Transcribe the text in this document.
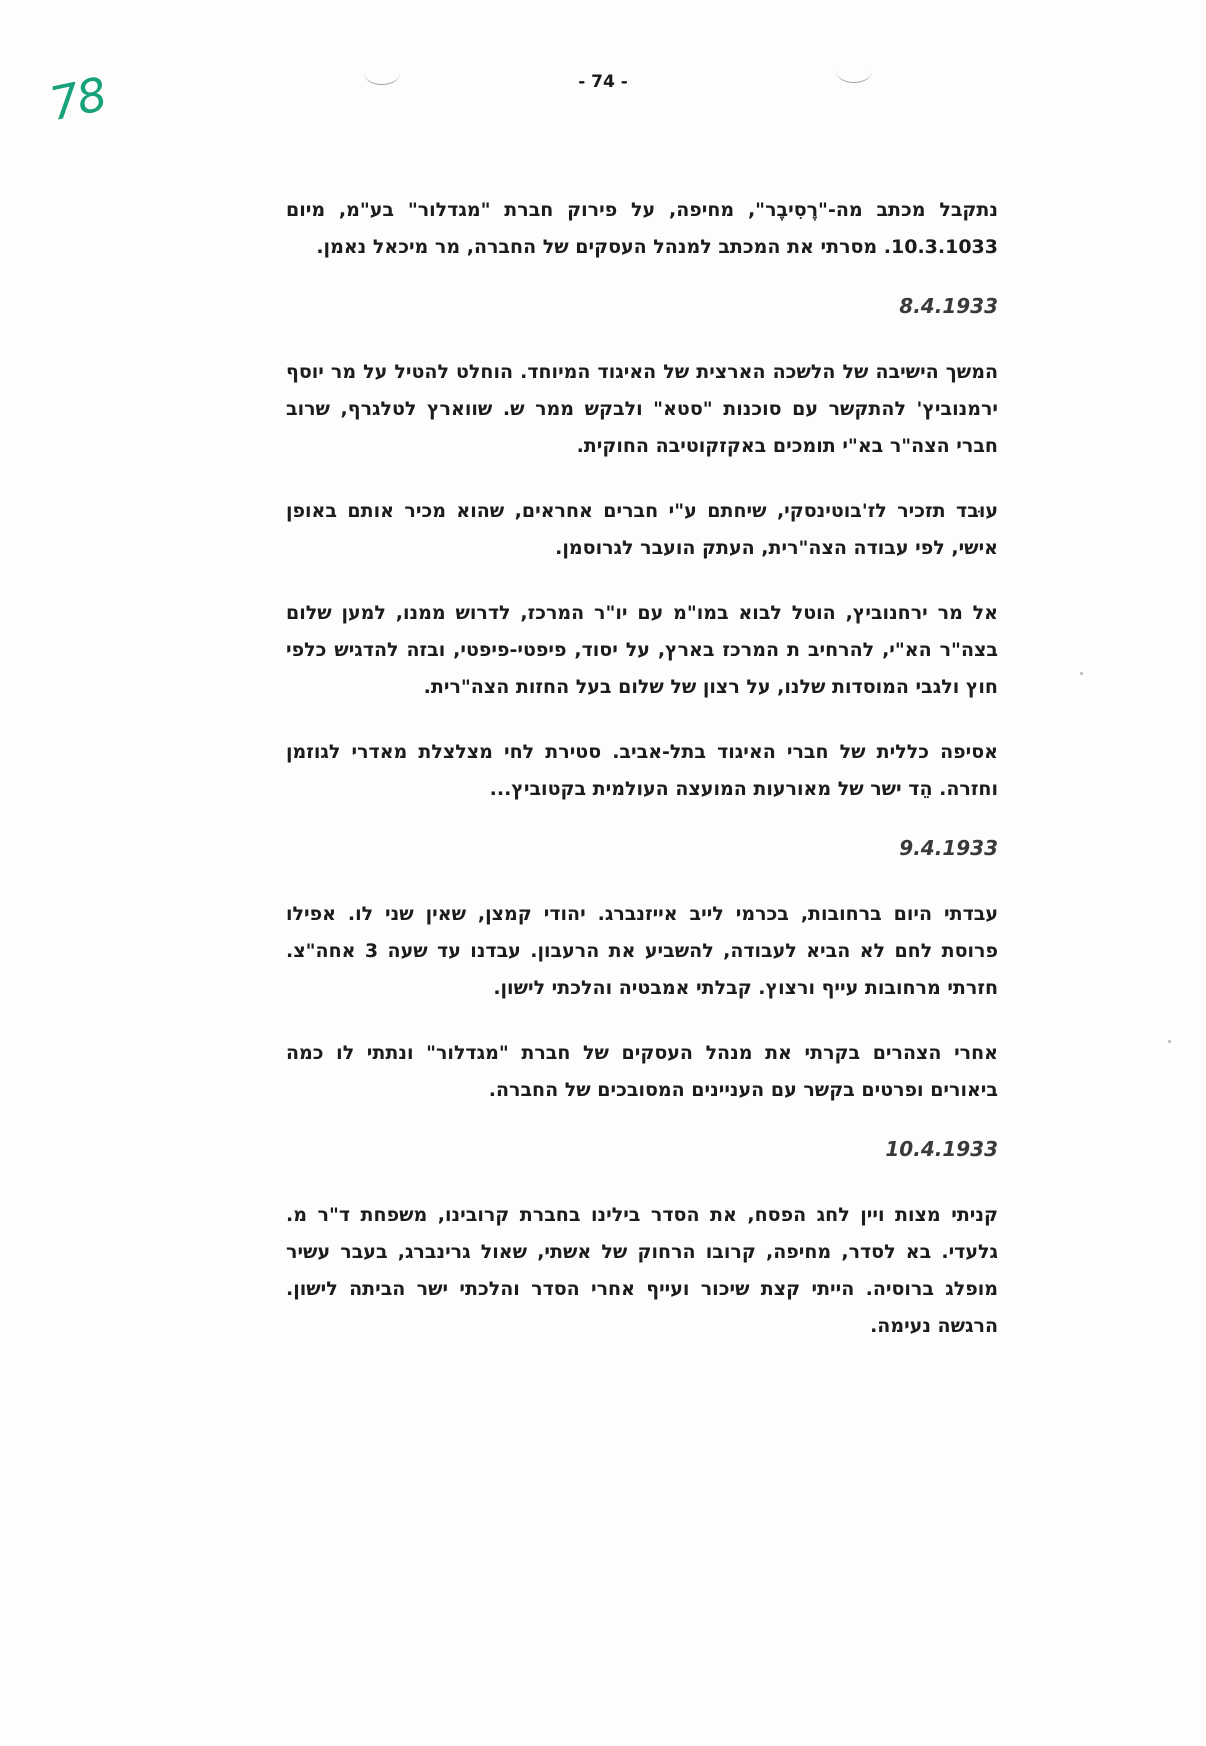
78	- 74 -

נתקבל מכתב מה-"רֶסִיבֶר", מחיפה, על פירוק חברת "מגדלור" בע"מ, מיום 10.3.1033. מסרתי את המכתב למנהל העסקים של החברה, מר מיכאל נאמן.

8.4.1933

המשך הישיבה של הלשכה הארצית של האיגוד המיוחד. הוחלט להטיל על מר יוסף ירמנוביץ' להתקשר עם סוכנות "סטא" ולבקש ממר ש. שווארץ לטלגרף, שרוב חברי הצה"ר בא"י תומכים באקזקוטיבה החוקית.

עוּבד תזכיר לז'בוטינסקי, שיחתם ע"י חברים אחראים, שהוא מכיר אותם באופן אישי, לפי עבודה הצה"רית, העתק הועבר לגרוסמן.

אל מר ירחנוביץ, הוטל לבוא במו"מ עם יו"ר המרכז, לדרוש ממנו, למען שלום בצה"ר הא"י, להרחיב ת המרכז בארץ, על יסוד, פיפטי-פיפטי, ובזה להדגיש כלפי חוץ ולגבי המוסדות שלנו, על רצון של שלום בעל החזות הצה"רית.

אסיפה כללית של חברי האיגוד בתל-אביב. סטירת לחי מצלצלת מאדרי לגוזמן וחזרה. הֵד ישר של מאורעות המועצה העולמית בקטוביץ...

9.4.1933

עבדתי היום ברחובות, בכרמי לייב אייזנברג. יהודי קמצן, שאין שני לו. אפילו פרוסת לחם לא הביא לעבודה, להשביע את הרעבון. עבדנו עד שעה 3 אחה"צ. חזרתי מרחובות עייף ורצוץ. קבלתי אמבטיה והלכתי לישון.

אחרי הצהרים בקרתי את מנהל העסקים של חברת "מגדלור" ונתתי לו כמה ביאורים ופרטים בקשר עם העניינים המסובכים של החברה.

10.4.1933

קניתי מצות ויין לחג הפסח, את הסדר בילינו בחברת קרובינו, משפחת ד"ר מ. גלעדי. בא לסדר, מחיפה, קרובו הרחוק של אשתי, שאול גרינברג, בעבר עשיר מופלג ברוסיה. הייתי קצת שיכור ועייף אחרי הסדר והלכתי ישר הביתה לישון. הרגשה נעימה.
